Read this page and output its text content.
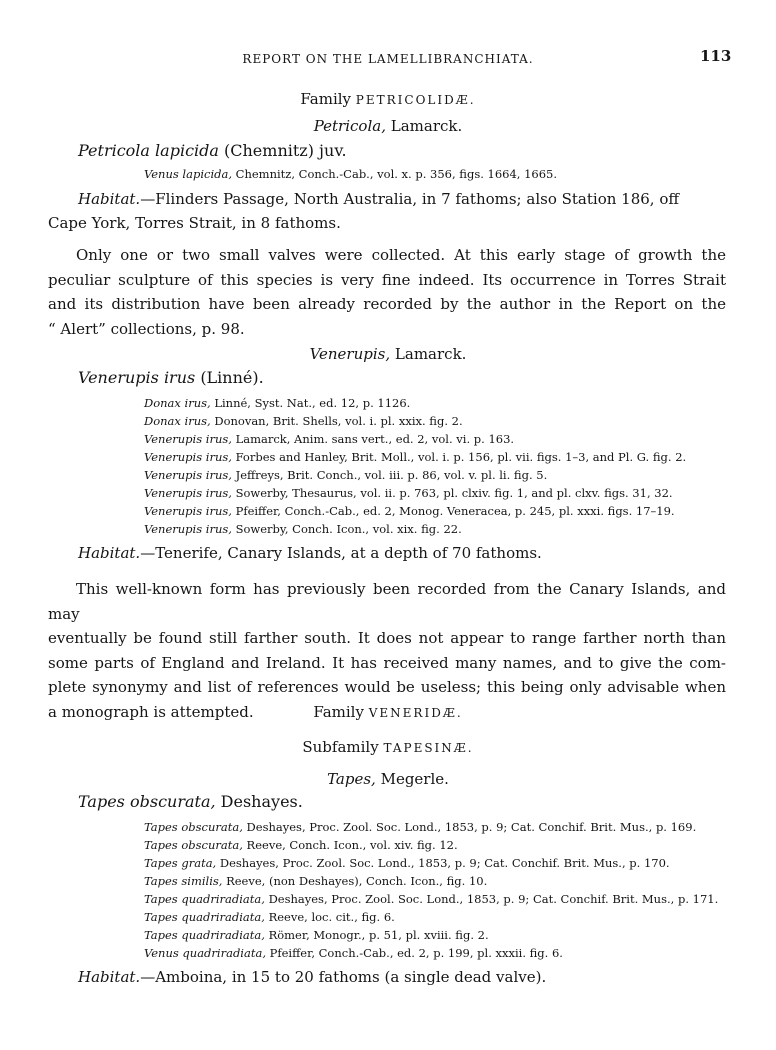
REPORT ON THE LAMELLIBRANCHIATA.	113
Family PETRICOLIDÆ.
Petricola, Lamarck.
Petricola lapicida (Chemnitz) juv.
Venus lapicida, Chemnitz, Conch.-Cab., vol. x. p. 356, figs. 1664, 1665.
Habitat.—Flinders Passage, North Australia, in 7 fathoms; also Station 186, off
Cape York, Torres Strait, in 8 fathoms.

Only one or two small valves were collected. At this early stage of growth the

peculiar sculpture of this species is very fine indeed. Its occurrence in Torres Strait

and its distribution have been already recorded by the author in the Report on the

“ Alert” collections, p. 98.

Venerupis, Lamarck.
Venerupis irus (Linné).
Donax irus, Linné, Syst. Nat., ed. 12, p. 1126.
Donax irus, Donovan, Brit. Shells, vol. i. pl. xxix. fig. 2.
Venerupis irus, Lamarck, Anim. sans vert., ed. 2, vol. vi. p. 163.
Venerupis irus, Forbes and Hanley, Brit. Moll., vol. i. p. 156, pl. vii. figs. 1–3, and Pl. G. fig. 2.
Venerupis irus, Jeffreys, Brit. Conch., vol. iii. p. 86, vol. v. pl. li. fig. 5.
Venerupis irus, Sowerby, Thesaurus, vol. ii. p. 763, pl. clxiv. fig. 1, and pl. clxv. figs. 31, 32.
Venerupis irus, Pfeiffer, Conch.-Cab., ed. 2, Monog. Veneracea, p. 245, pl. xxxi. figs. 17–19.
Venerupis irus, Sowerby, Conch. Icon., vol. xix. fig. 22.
Habitat.—Tenerife, Canary Islands, at a depth of 70 fathoms.

This well-known form has previously been recorded from the Canary Islands, and may

eventually be found still farther south. It does not appear to range farther north than

some parts of England and Ireland. It has received many names, and to give the com-

plete synonymy and list of references would be useless; this being only advisable when

a monograph is attempted.	Family VENERIDÆ.
Subfamily TAPESINÆ.
Tapes, Megerle.
Tapes obscurata, Deshayes.
Tapes obscurata, Deshayes, Proc. Zool. Soc. Lond., 1853, p. 9; Cat. Conchif. Brit. Mus., p. 169.
Tapes obscurata, Reeve, Conch. Icon., vol. xiv. fig. 12.
Tapes grata, Deshayes, Proc. Zool. Soc. Lond., 1853, p. 9; Cat. Conchif. Brit. Mus., p. 170.
Tapes similis, Reeve, (non Deshayes), Conch. Icon., fig. 10.
Tapes quadriradiata, Deshayes, Proc. Zool. Soc. Lond., 1853, p. 9; Cat. Conchif. Brit. Mus., p. 171.
Tapes quadriradiata, Reeve, loc. cit., fig. 6.
Tapes quadriradiata, Römer, Monogr., p. 51, pl. xviii. fig. 2.
Venus quadriradiata, Pfeiffer, Conch.-Cab., ed. 2, p. 199, pl. xxxii. fig. 6.
Habitat.—Amboina, in 15 to 20 fathoms (a single dead valve).
